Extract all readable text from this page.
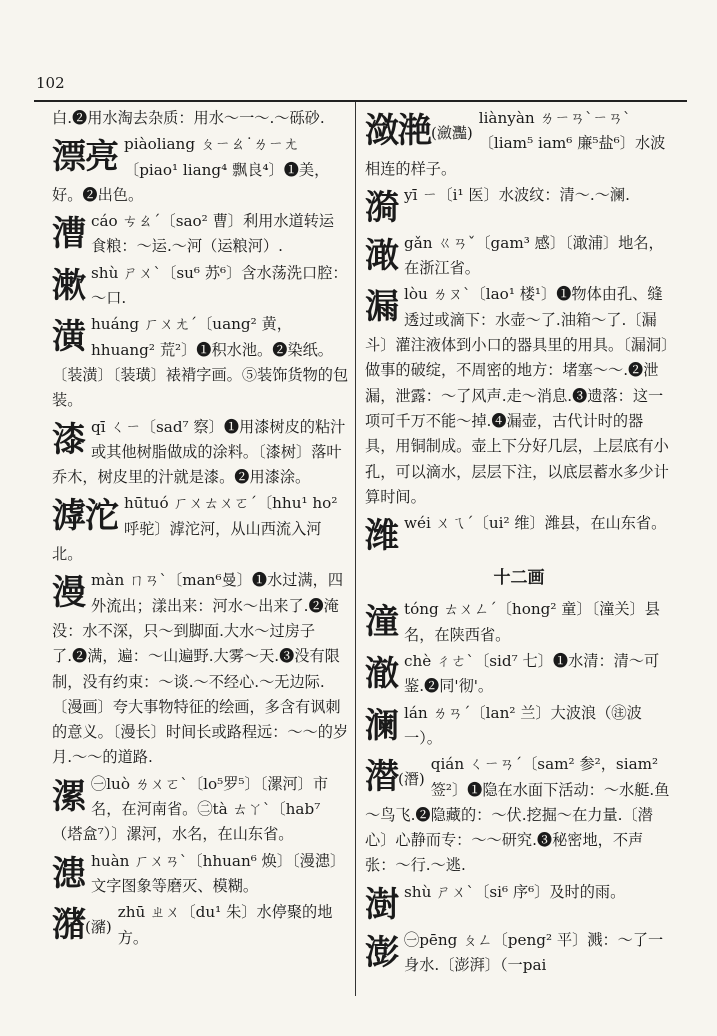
102
白.❷用水淘去杂质：用水～一～.～砾砂.
漂亮 piàoliang ㄆㄧㄠ˙ㄌㄧㄤ〔piao¹ liang⁴ 飘良⁴〕❶美，好。❷出色。
漕cáo ㄘㄠˊ〔sao² 曹〕利用水道转运食粮：～运.～河（运粮河）.
漱shù ㄕㄨˋ〔su⁶ 苏⁶〕含水荡洗口腔：～口.
潢huáng ㄏㄨㄤˊ〔uang² 黄，hhuang² 荒²〕❶积水池。❷染纸。〔装潢〕〔装璜〕裱褙字画。⑤装饰货物的包装。
漆qī ㄑㄧ〔sad⁷ 察〕❶用漆树皮的粘汁或其他树脂做成的涂料。〔漆树〕落叶乔木，树皮里的汁就是漆。❷用漆涂。
滹沱 hūtuó ㄏㄨㄊㄨㄛˊ〔hhu¹ ho² 呼驼〕滹沱河，从山西流入河北。
漫màn ㄇㄢˋ〔man⁶曼〕❶水过满，四外流出；漾出来：河水～出来了.❷淹没：水不深，只～到脚面.大水～过房子了.❷满，遍：～山遍野.大雾～天.❸没有限制，没有约束：～谈.～不经心.～无边际.〔漫画〕夸大事物特征的绘画，多含有讽刺的意义。〔漫长〕时间长或路程远：～～的岁月.～～的道路.
漯 ㊀luò ㄌㄨㄛˋ〔lo⁵罗⁵〕〔漯河〕市名，在河南省。㊁tà ㄊㄚˋ〔hab⁷ （塔盒⁷）〕漯河，水名，在山东省。
漶huàn ㄏㄨㄢˋ〔hhuan⁶ 焕〕〔漫漶〕文字图象等磨灭、模糊。
潴(瀦)
zhū ㄓㄨ〔du¹ 朱〕水停聚的地方。
潋滟(瀲灩)
liànyàn ㄌㄧㄢˋㄧㄢˋ〔liam⁵ iam⁶ 廉⁵盐⁶〕水波相连的样子。
漪yī ㄧ〔i¹ 医〕水波纹：清～.～澜.
澉gǎn ㄍㄢˇ〔gam³ 感〕〔澉浦〕地名，在浙江省。
漏lòu ㄌㄡˋ〔lao¹ 楼¹〕❶物体由孔、缝透过或滴下：水壶～了.油箱～了.〔漏斗〕灌注液体到小口的器具里的用具。〔漏洞〕做事的破绽，不周密的地方：堵塞～～.❷泄漏，泄露：～了风声.走～消息.❸遗落：这一项可千万不能～掉.❹漏壶，古代计时的器具，用铜制成。壶上下分好几层，上层底有小孔，可以滴水，层层下注，以底层蓄水多少计算时间。
潍wéi ㄨㄟˊ〔ui² 维〕潍县，在山东省。
十二画
潼tóng ㄊㄨㄥˊ〔hong² 童〕〔潼关〕县名，在陕西省。
澈chè ㄔㄜˋ〔sid⁷ 七〕❶水清：清～可鉴.❷同'彻'。
澜lán ㄌㄢˊ〔lan² 兰〕大波浪（㊟波一）。
潜(潛)
qián ㄑㄧㄢˊ〔sam² 参²，siam² 签²〕❶隐在水面下活动：～水艇.鱼～鸟飞.❷隐藏的：～伏.挖掘～在力量.〔潜心〕心静而专：～～研究.❸秘密地，不声张：～行.～逃.
澍shù ㄕㄨˋ〔si⁶ 序⁶〕及时的雨。
澎 ㊀pēng ㄆㄥ〔peng² 平〕溅：～了一身水.〔澎湃〕（一pai
